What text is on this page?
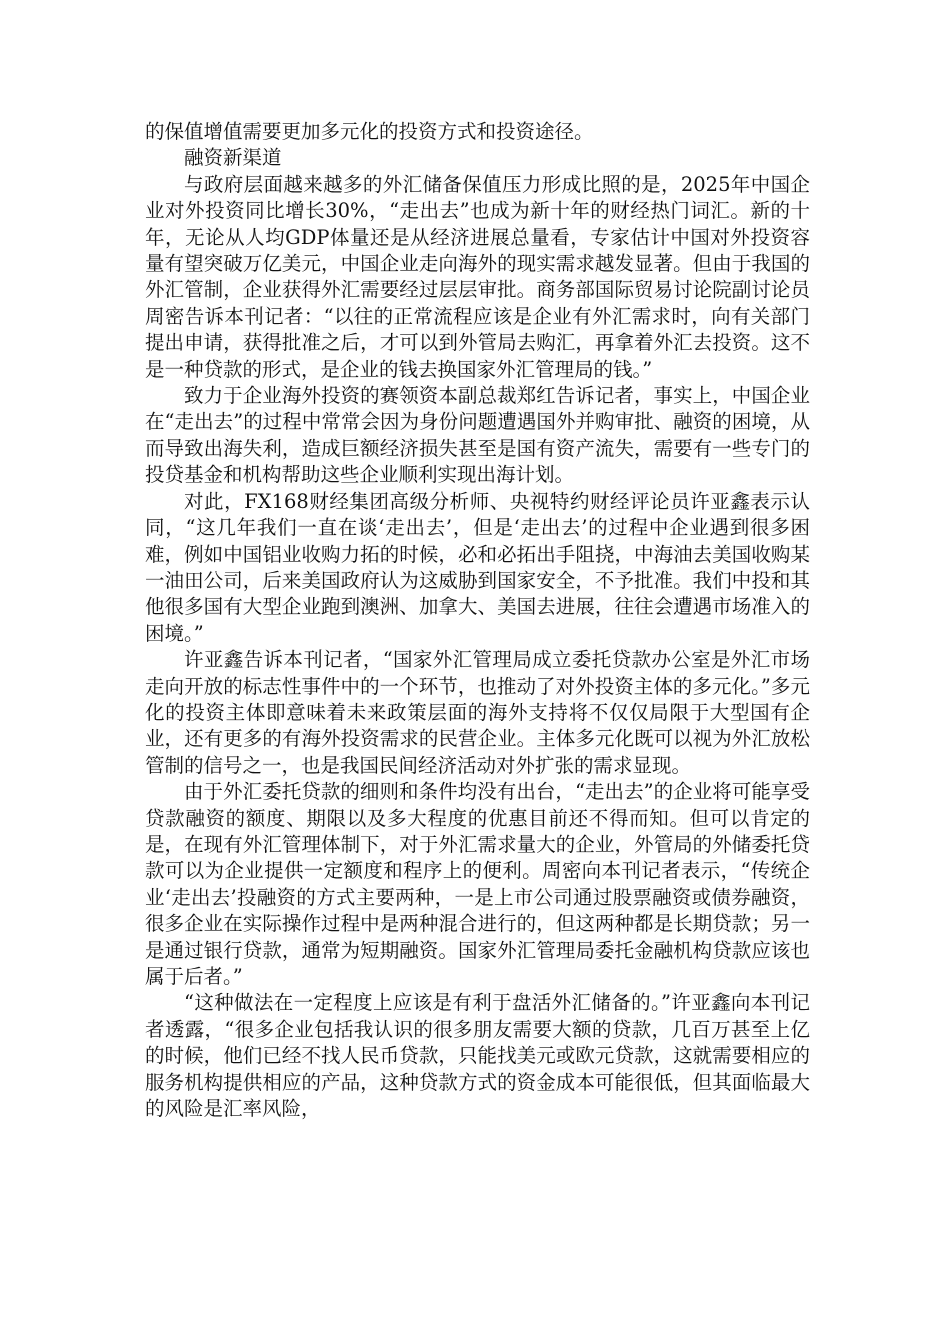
的保值增值需要更加多元化的投资方式和投资途径。

融资新渠道

与政府层面越来越多的外汇储备保值压力形成比照的是，2025年中国企业对外投资同比增长30%，“走出去”也成为新十年的财经热门词汇。新的十年，无论从人均GDP体量还是从经济进展总量看，专家估计中国对外投资容量有望突破万亿美元，中国企业走向海外的现实需求越发显著。但由于我国的外汇管制，企业获得外汇需要经过层层审批。商务部国际贸易讨论院副讨论员周密告诉本刊记者：“以往的正常流程应该是企业有外汇需求时，向有关部门提出申请，获得批准之后，才可以到外管局去购汇，再拿着外汇去投资。这不是一种贷款的形式，是企业的钱去换国家外汇管理局的钱。”

致力于企业海外投资的赛领资本副总裁郑红告诉记者，事实上，中国企业在“走出去”的过程中常常会因为身份问题遭遇国外并购审批、融资的困境，从而导致出海失利，造成巨额经济损失甚至是国有资产流失，需要有一些专门的投贷基金和机构帮助这些企业顺利实现出海计划。

对此，FX168财经集团高级分析师、央视特约财经评论员许亚鑫表示认同，“这几年我们一直在谈‘走出去’，但是‘走出去’的过程中企业遇到很多困难，例如中国铝业收购力拓的时候，必和必拓出手阻挠，中海油去美国收购某一油田公司，后来美国政府认为这威胁到国家安全，不予批准。我们中投和其他很多国有大型企业跑到澳洲、加拿大、美国去进展，往往会遭遇市场准入的困境。”

许亚鑫告诉本刊记者，“国家外汇管理局成立委托贷款办公室是外汇市场走向开放的标志性事件中的一个环节，也推动了对外投资主体的多元化。”多元化的投资主体即意味着未来政策层面的海外支持将不仅仅局限于大型国有企业，还有更多的有海外投资需求的民营企业。主体多元化既可以视为外汇放松管制的信号之一，也是我国民间经济活动对外扩张的需求显现。

由于外汇委托贷款的细则和条件均没有出台，“走出去”的企业将可能享受贷款融资的额度、期限以及多大程度的优惠目前还不得而知。但可以肯定的是，在现有外汇管理体制下，对于外汇需求量大的企业，外管局的外储委托贷款可以为企业提供一定额度和程序上的便利。周密向本刊记者表示，“传统企业‘走出去’投融资的方式主要两种，一是上市公司通过股票融资或债券融资，很多企业在实际操作过程中是两种混合进行的，但这两种都是长期贷款；另一是通过银行贷款，通常为短期融资。国家外汇管理局委托金融机构贷款应该也属于后者。”

“这种做法在一定程度上应该是有利于盘活外汇储备的。”许亚鑫向本刊记者透露，“很多企业包括我认识的很多朋友需要大额的贷款，几百万甚至上亿的时候，他们已经不找人民币贷款，只能找美元或欧元贷款，这就需要相应的服务机构提供相应的产品，这种贷款方式的资金成本可能很低，但其面临最大的风险是汇率风险，
